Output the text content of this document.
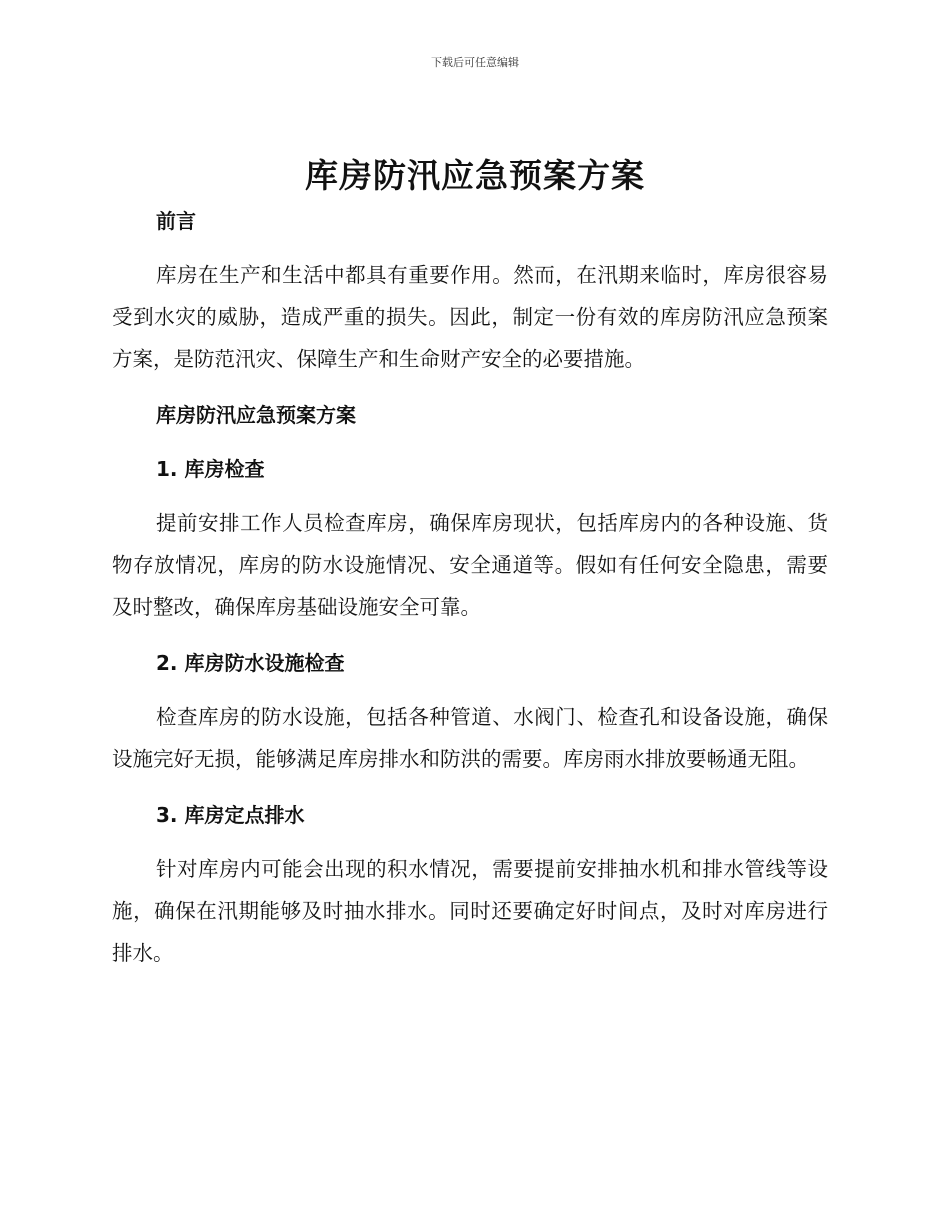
下载后可任意编辑
库房防汛应急预案方案
前言

库房在生产和生活中都具有重要作用。然而，在汛期来临时，库房很容易受到水灾的威胁，造成严重的损失。因此，制定一份有效的库房防汛应急预案方案，是防范汛灾、保障生产和生命财产安全的必要措施。

库房防汛应急预案方案
1. 库房检查

提前安排工作人员检查库房，确保库房现状，包括库房内的各种设施、货物存放情况，库房的防水设施情况、安全通道等。假如有任何安全隐患，需要及时整改，确保库房基础设施安全可靠。

2. 库房防水设施检查

检查库房的防水设施，包括各种管道、水阀门、检查孔和设备设施，确保设施完好无损，能够满足库房排水和防洪的需要。库房雨水排放要畅通无阻。

3. 库房定点排水

针对库房内可能会出现的积水情况，需要提前安排抽水机和排水管线等设施，确保在汛期能够及时抽水排水。同时还要确定好时间点，及时对库房进行排水。
